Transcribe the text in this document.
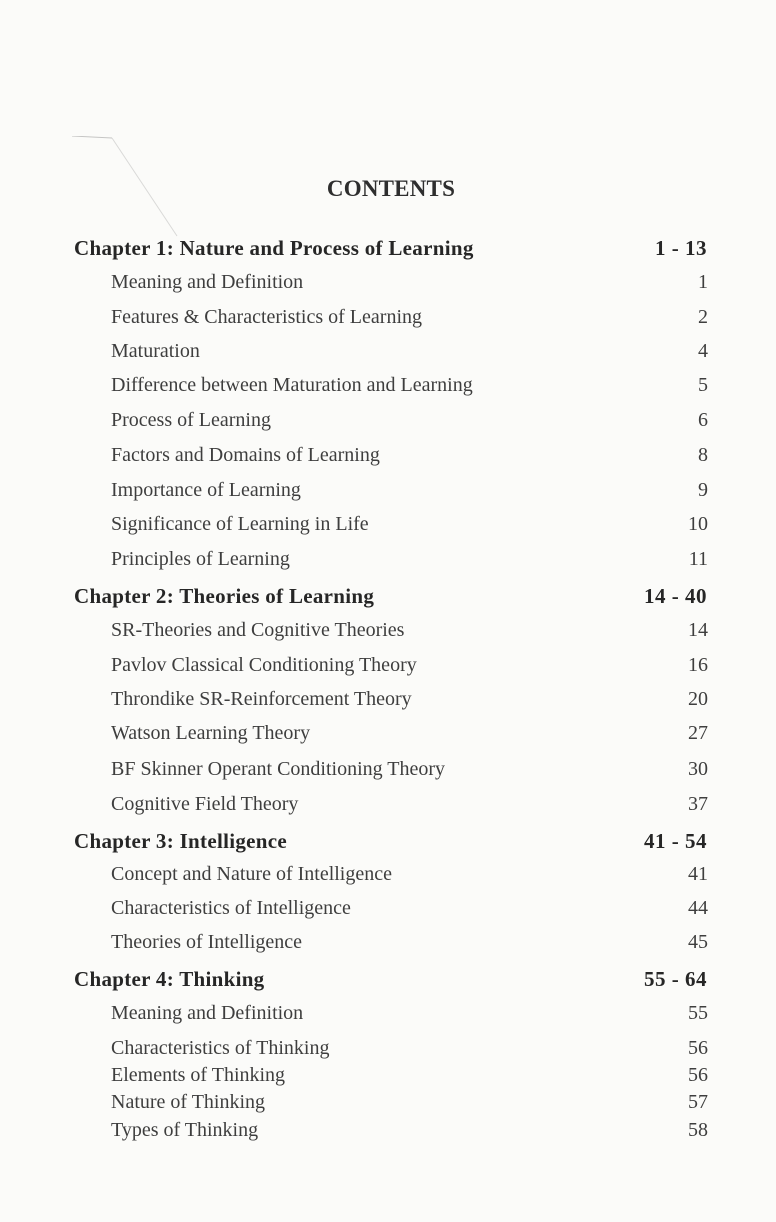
CONTENTS
Chapter 1: Nature and Process of Learning	1 - 13
Meaning and Definition	1
Features & Characteristics of Learning	2
Maturation	4
Difference between Maturation and Learning	5
Process of Learning	6
Factors and Domains of Learning	8
Importance of Learning	9
Significance of Learning in Life	10
Principles of Learning	11
Chapter 2: Theories of Learning	14 - 40
SR-Theories and Cognitive Theories	14
Pavlov Classical Conditioning Theory	16
Throndike SR-Reinforcement Theory	20
Watson Learning Theory	27
BF Skinner Operant Conditioning Theory	30
Cognitive Field Theory	37
Chapter 3: Intelligence	41 - 54
Concept and Nature of Intelligence	41
Characteristics of Intelligence	44
Theories of Intelligence	45
Chapter 4: Thinking	55 - 64
Meaning and Definition	55
Characteristics of Thinking	56
Elements of Thinking	56
Nature of Thinking	57
Types of Thinking	58
